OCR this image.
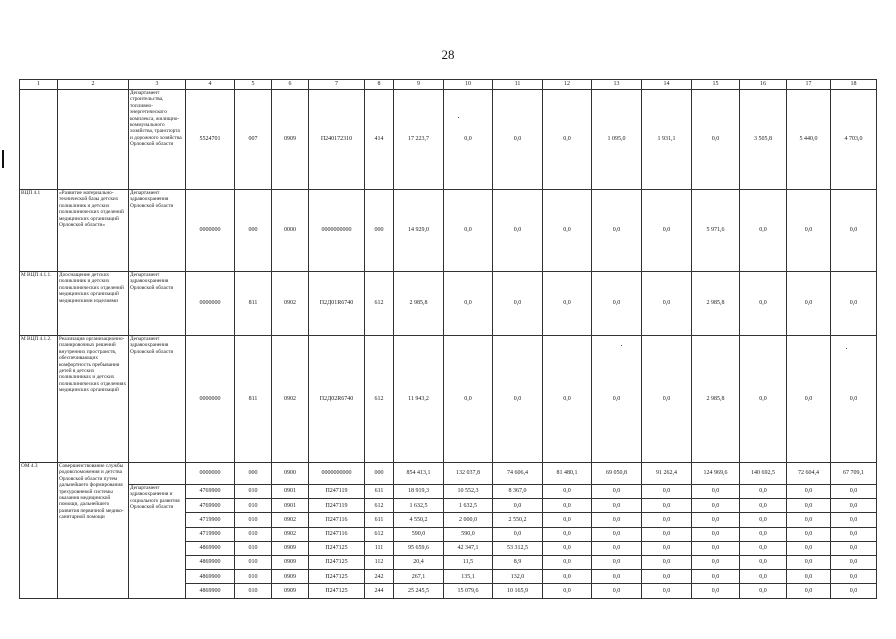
28
1	2	3	4	5	6	7	8	9	10	11	12	13	14	15	16	17	18
		Департамент строительства, топливно-энергетического комплекса, жилищно-коммунального хозяйства, транспорта и дорожного хозяйства Орловской области	5524701	007	0909	П240172310	414	17 223,7	0,0	0,0	0,0	1 095,0	1 931,1	0,0	3 505,8	5 440,0	4 703,0
ВЦП 4.1	«Развитие материально-технической базы детских поликлиник и детских поликлинических отделений медицинских организаций Орловской области»	Департамент здравоохранения Орловской области	0000000	000	0000	0000000000	000	14 929,0	0,0	0,0	0,0	0,0	0,0	5 971,6	0,0	0,0	0,0
М ВЦП 4.1.1.	Дооснащение детских поликлиник и детских поликлинических отделений медицинских организаций медицинскими изделиями	Департамент здравоохранения Орловской области	0000000	811	0902	П2Д01R6740	612	2 985,8	0,0	0,0	0,0	0,0	0,0	2 985,8	0,0	0,0	0,0
М ВЦП 4.1.2.	Реализация организационно-планировочных решений внутренних пространств, обеспечивающих комфортность пребывания детей в детских поликлиниках и детских поликлинических отделениях медицинских организаций	Департамент здравоохранения Орловской области	0000000	811	0902	П2Д02R6740	612	11 943,2	0,0	0,0	0,0	0,0	0,0	2 985,8	0,0	0,0	0,0
ОМ 4.3	Совершенствование службы родовспоможения и детства Орловской области путем дальнейшего формирования трехуровневой системы оказания медицинской помощи, дальнейшего развития первичной медико-санитарной помощи		0000000	000	0900	0000000000	000	854 413,1	132 037,8	74 606,4	81 480,1	69 050,8	91 262,4	124 969,6	140 692,5	72 604,4	67 709,1
		Департамент здравоохранения и социального развития Орловской области	4769900	010	0901	П247119	611	18 919,3	10 552,3	8 367,0	0,0	0,0	0,0	0,0	0,0	0,0	0,0
			4769900	010	0901	П247119	612	1 632,5	1 632,5	0,0	0,0	0,0	0,0	0,0	0,0	0,0	0,0
			4719900	010	0902	П247116	611	4 550,2	2 000,0	2 550,2	0,0	0,0	0,0	0,0	0,0	0,0	0,0
			4719900	010	0902	П247116	612	590,0	590,0	0,0	0,0	0,0	0,0	0,0	0,0	0,0	0,0
			4869900	010	0909	П247125	111	95 659,6	42 347,1	53 312,5	0,0	0,0	0,0	0,0	0,0	0,0	0,0
			4869900	010	0909	П247125	112	20,4	11,5	8,9	0,0	0,0	0,0	0,0	0,0	0,0	0,0
			4869900	010	0909	П247125	242	267,1	135,1	132,0	0,0	0,0	0,0	0,0	0,0	0,0	0,0
			4869900	010	0909	П247125	244	25 245,5	15 079,6	10 165,9	0,0	0,0	0,0	0,0	0,0	0,0	0,0
